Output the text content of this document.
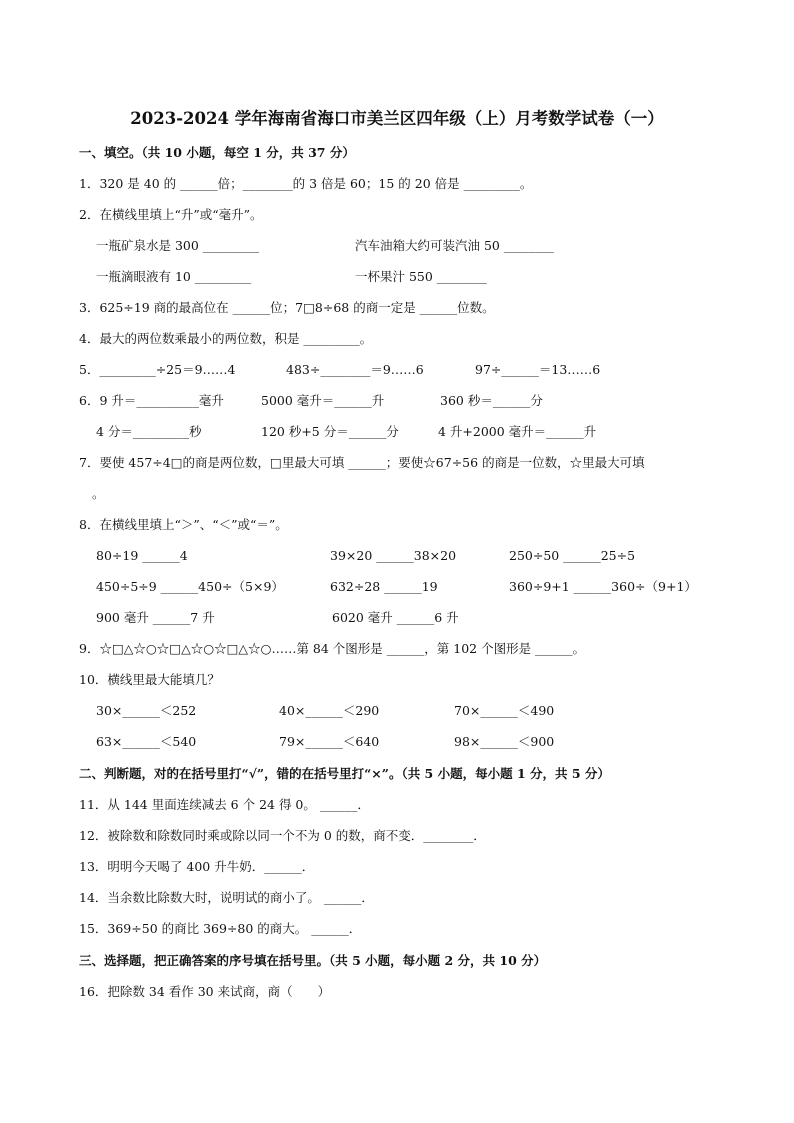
2023-2024 学年海南省海口市美兰区四年级（上）月考数学试卷（一）
一、填空。（共 10 小题，每空 1 分，共 37 分）
1．320 是 40 的 ______倍；________的 3 倍是 60；15 的 20 倍是 _________。
2．在横线里填上“升”或“毫升”。
一瓶矿泉水是 300 _________	汽车油箱大约可装汽油 50 ________
一瓶滴眼液有 10 _________	一杯果汁 550 ________
3．625÷19 商的最高位在 ______位；7□8÷68 的商一定是 ______位数。
4．最大的两位数乘最小的两位数，积是 _________。
5．_________÷25＝9……4	483÷________＝9……6	97÷______＝13……6
6．9 升＝__________毫升	5000 毫升＝______升	360 秒＝______分
4 分＝_________秒	120 秒+5 分＝______分	4 升+2000 毫升＝______升
7．要使 457÷4□的商是两位数，□里最大可填 ______；要使☆67÷56 的商是一位数，☆里最大可填
。
8．在横线里填上“＞”、“＜”或“＝”。
80÷19 ______4	39×20 ______38×20	250÷50 ______25÷5
450÷5÷9 ______450÷（5×9）	632÷28 ______19	360÷9+1 ______360÷（9+1）
900 毫升 ______7 升	6020 毫升 ______6 升
9．☆□△☆○☆□△☆○☆□△☆○……第 84 个图形是 ______，第 102 个图形是 ______。
10．横线里最大能填几？
30×______＜252	40×______＜290	70×______＜490
63×______＜540	79×______＜640	98×______＜900
二、判断题，对的在括号里打“√”，错的在括号里打“×”。（共 5 小题，每小题 1 分，共 5 分）
11．从 144 里面连续减去 6 个 24 得 0。 ______．
12．被除数和除数同时乘或除以同一个不为 0 的数，商不变．________．
13．明明今天喝了 400 升牛奶．______．
14．当余数比除数大时，说明试的商小了。 ______．
15．369÷50 的商比 369÷80 的商大。 ______．
三、选择题，把正确答案的序号填在括号里。（共 5 小题，每小题 2 分，共 10 分）
16．把除数 34 看作 30 来试商，商（　　）
